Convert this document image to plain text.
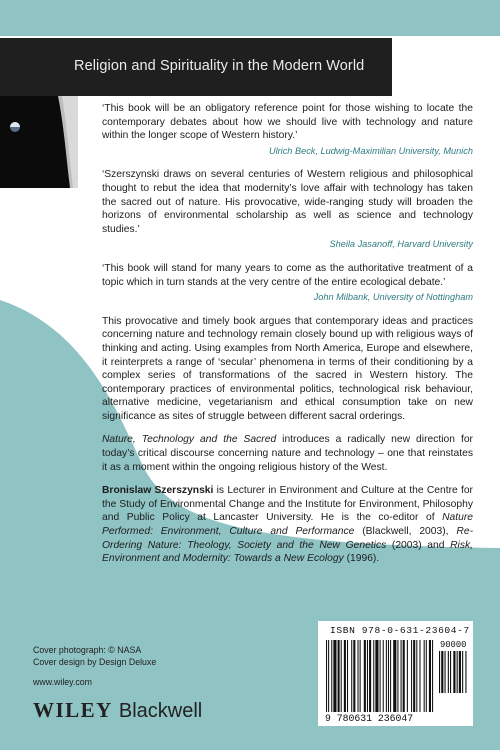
Religion and Spirituality in the Modern World

‘This book will be an obligatory reference point for those wishing to locate the contemporary debates about how we should live with technology and nature within the longer scope of Western history.’

Ulrich Beck, Ludwig-Maximilian University, Munich

‘Szerszynski draws on several centuries of Western religious and philosophical thought to rebut the idea that modernity’s love affair with technology has taken the sacred out of nature. His provocative, wide-ranging study will broaden the horizons of environmental scholarship as well as science and technology studies.’

Sheila Jasanoff, Harvard University

‘This book will stand for many years to come as the authoritative treatment of a topic which in turn stands at the very centre of the entire ecological debate.’

John Milbank, University of Nottingham

This provocative and timely book argues that contemporary ideas and practices concerning nature and technology remain closely bound up with religious ways of thinking and acting. Using examples from North America, Europe and elsewhere, it reinterprets a range of ‘secular’ phenomena in terms of their conditioning by a complex series of transformations of the sacred in Western history. The contemporary practices of environmental politics, technological risk behaviour, alternative medicine, vegetarianism and ethical consumption take on new significance as sites of struggle between different sacral orderings.

Nature, Technology and the Sacred introduces a radically new direction for today’s critical discourse concerning nature and technology – one that reinstates it as a moment within the ongoing religious history of the West.

Bronislaw Szerszynski is Lecturer in Environment and Culture at the Centre for the Study of Environmental Change and the Institute for Environment, Philosophy and Public Policy at Lancaster University. He is the co-editor of Nature Performed: Environment, Culture and Performance (Blackwell, 2003), Re-Ordering Nature: Theology, Society and the New Genetics (2003) and Risk, Environment and Modernity: Towards a New Ecology (1996).

Cover photograph: © NASA
Cover design by Design Deluxe
www.wiley.com
WILEY Blackwell
ISBN 978-0-631-23604-7
90000
9 780631 236047
